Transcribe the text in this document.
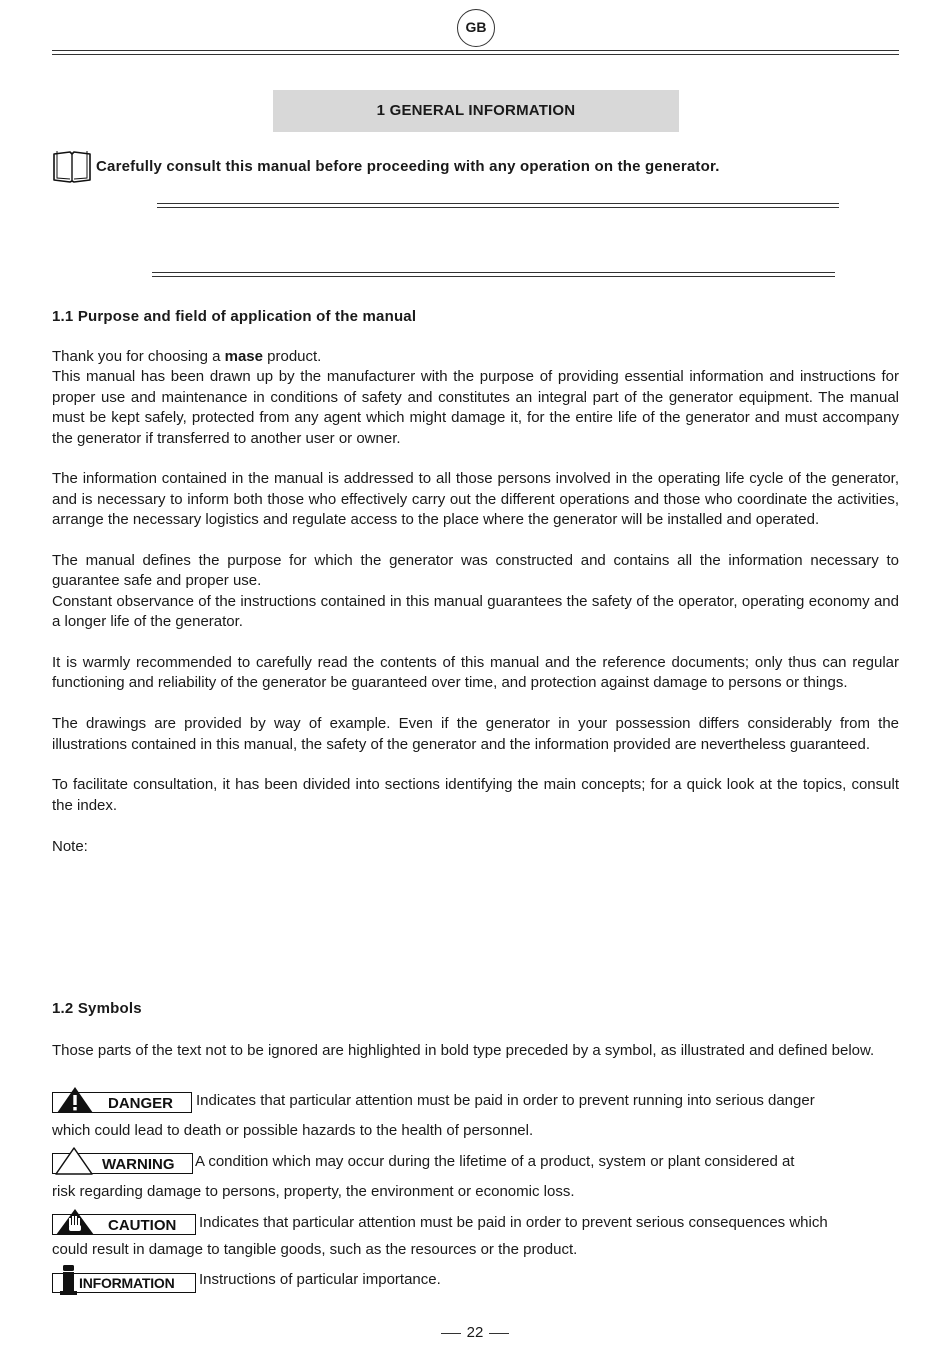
GB
1 GENERAL INFORMATION
Carefully consult this manual before proceeding with any operation on the generator.
1.1 Purpose and field of application of the manual

Thank you for choosing a mase product.

This manual has been drawn up by the manufacturer with the purpose of providing essential information and instructions for proper use and maintenance in conditions of safety and constitutes an integral part of the generator equipment. The manual must be kept safely, protected from any agent which might damage it, for the entire life of the generator and must accompany the generator if transferred to another user or owner.

The information contained in the manual is addressed to all those persons involved in the operating life cycle of the generator, and is necessary to inform both those who effectively carry out the different operations and those who coordinate the activities, arrange the necessary logistics and regulate access to the place where the generator will be installed and operated.

The manual defines the purpose for which the generator was constructed and contains all the information necessary to guarantee safe and proper use.

Constant observance of the instructions contained in this manual guarantees the safety of the operator, operating economy and a longer life of the generator.

It is warmly recommended to carefully read the contents of this manual and the reference documents; only thus can regular functioning and reliability of the generator be guaranteed over time, and protection against damage to persons or things.

The drawings are provided by way of example. Even if the generator in your possession differs considerably from the illustrations contained in this manual, the safety of the generator and the information provided are nevertheless guaranteed.

To facilitate consultation, it has been divided into sections identifying the main concepts; for a quick look at the topics, consult the index.

Note:

1.2 Symbols
Those parts of the text not to be ignored are highlighted in bold type preceded by a symbol, as illustrated and defined below.
DANGER Indicates that particular attention must be paid in order to prevent running into serious danger
which could lead to death or possible hazards to the health of personnel.
WARNING A condition which may occur during the lifetime of a product, system or plant considered at
risk regarding damage to persons, property, the environment or economic loss.
CAUTION Indicates that particular attention must be paid in order to prevent serious consequences which
could result in damage to tangible goods, such as the resources or the product.
INFORMATION Instructions of particular importance.
22
